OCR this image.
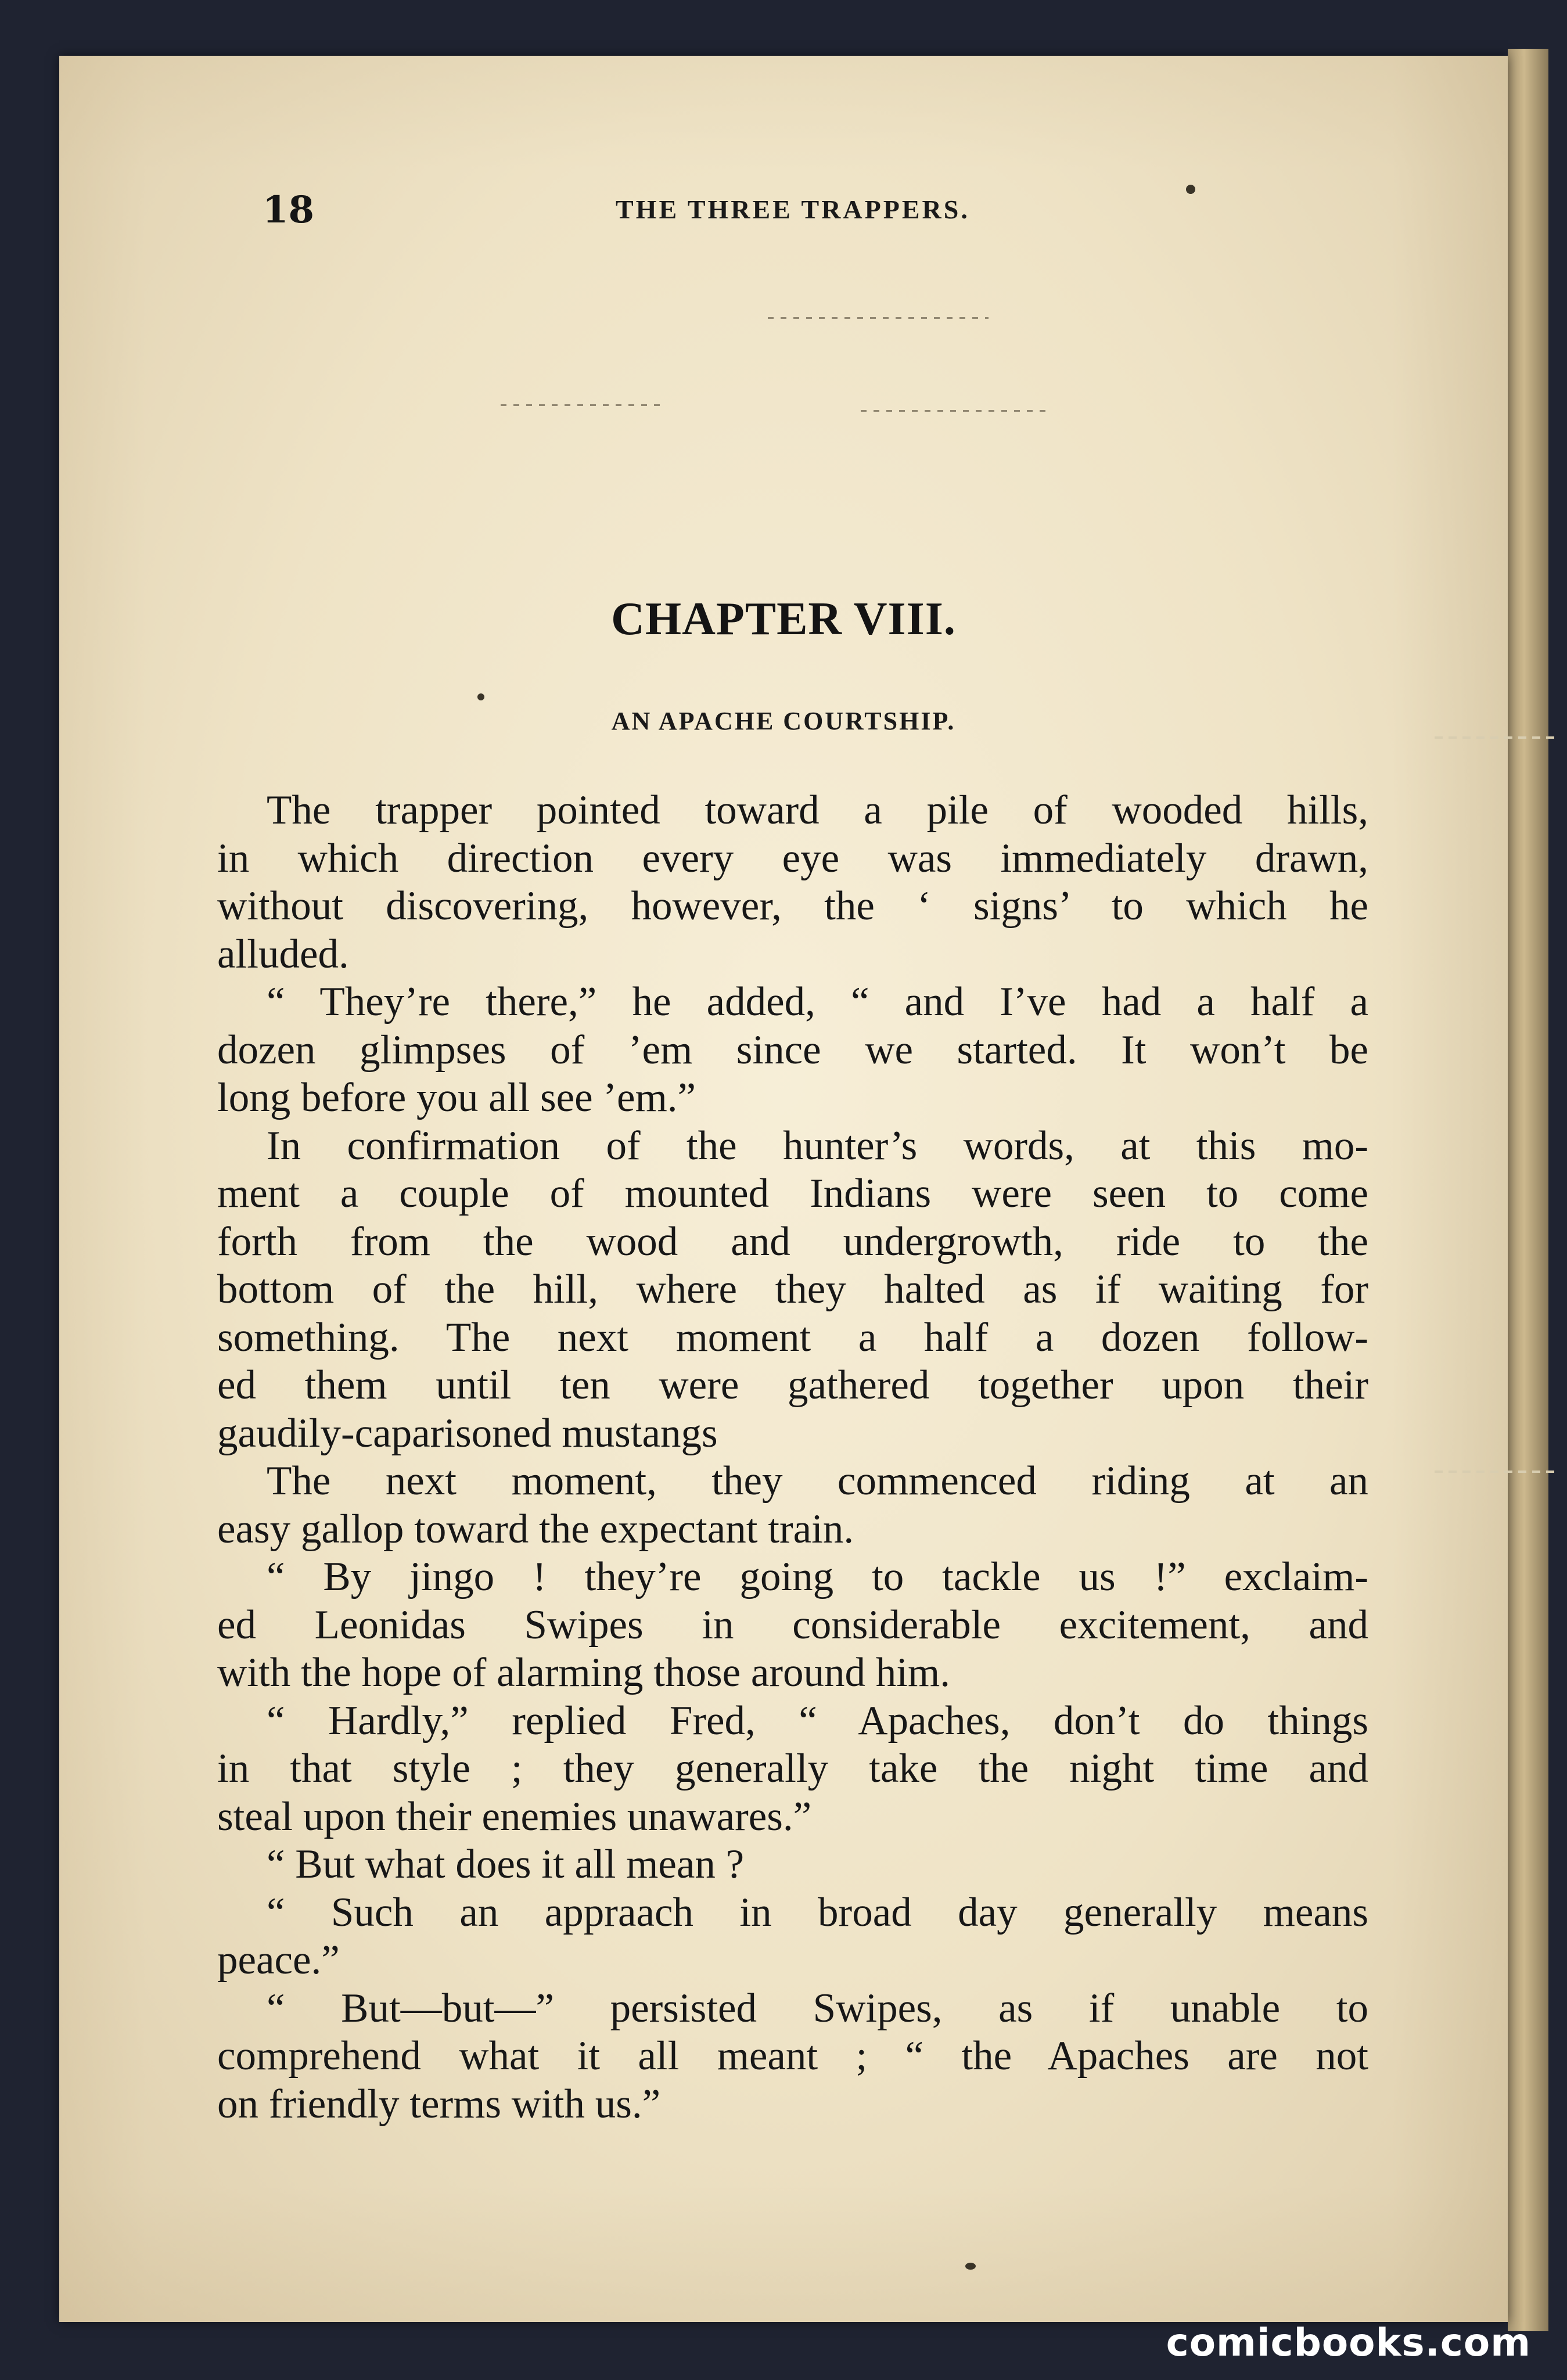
18	THE THREE TRAPPERS.
CHAPTER VIII.
AN APACHE COURTSHIP.
The trapper pointed toward a pile of wooded hills,
in which direction every eye was immediately drawn,
without discovering, however, the ‘ signs’ to which he
alluded.
“ They’re there,” he added, “ and I’ve had a half a
dozen glimpses of ’em since we started. It won’t be
long before you all see ’em.”
In confirmation of the hunter’s words, at this mo-
ment a couple of mounted Indians were seen to come
forth from the wood and undergrowth, ride to the
bottom of the hill, where they halted as if waiting for
something. The next moment a half a dozen follow-
ed them until ten were gathered together upon their
gaudily-caparisoned mustangs
The next moment, they commenced riding at an
easy gallop toward the expectant train.
“ By jingo ! they’re going to tackle us !” exclaim-
ed Leonidas Swipes in considerable excitement, and
with the hope of alarming those around him.
“ Hardly,” replied Fred, “ Apaches, don’t do things
in that style ; they generally take the night time and
steal upon their enemies unawares.”
“ But what does it all mean ?
“ Such an appraach in broad day generally means
peace.”
“ But—but—” persisted Swipes, as if unable to
comprehend what it all meant ; “ the Apaches are not
on friendly terms with us.”
comicbooks.com
